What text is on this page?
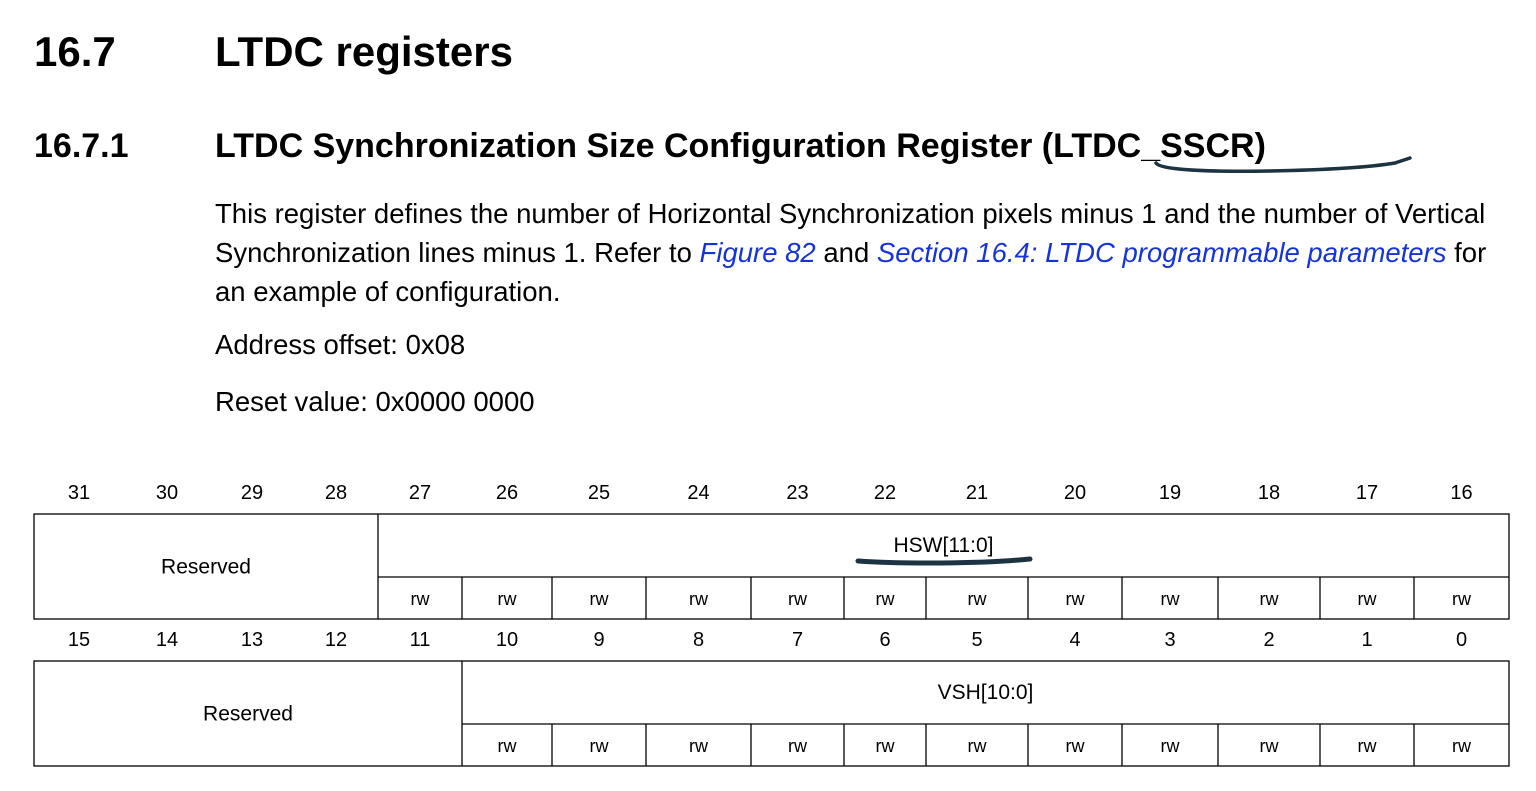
16.7 LTDC registers
16.7.1	LTDC Synchronization Size Configuration Register (LTDC_SSCR)
This register defines the number of Horizontal Synchronization pixels minus 1 and the number of Vertical Synchronization lines minus 1. Refer to Figure 82 and Section 16.4: LTDC programmable parameters for an example of configuration.
Address offset: 0x08
Reset value: 0x0000 0000
31	30	29	28	27	26	25	24	23	22	21	20	19	18	17	16
Reserved
HSW[11:0]
rw	rw	rw	rw	rw	rw	rw	rw	rw	rw	rw	rw
15	14	13	12	11	10	9	8	7	6	5	4	3	2	1	0
Reserved
VSH[10:0]
rw	rw	rw	rw	rw	rw	rw	rw	rw	rw	rw
